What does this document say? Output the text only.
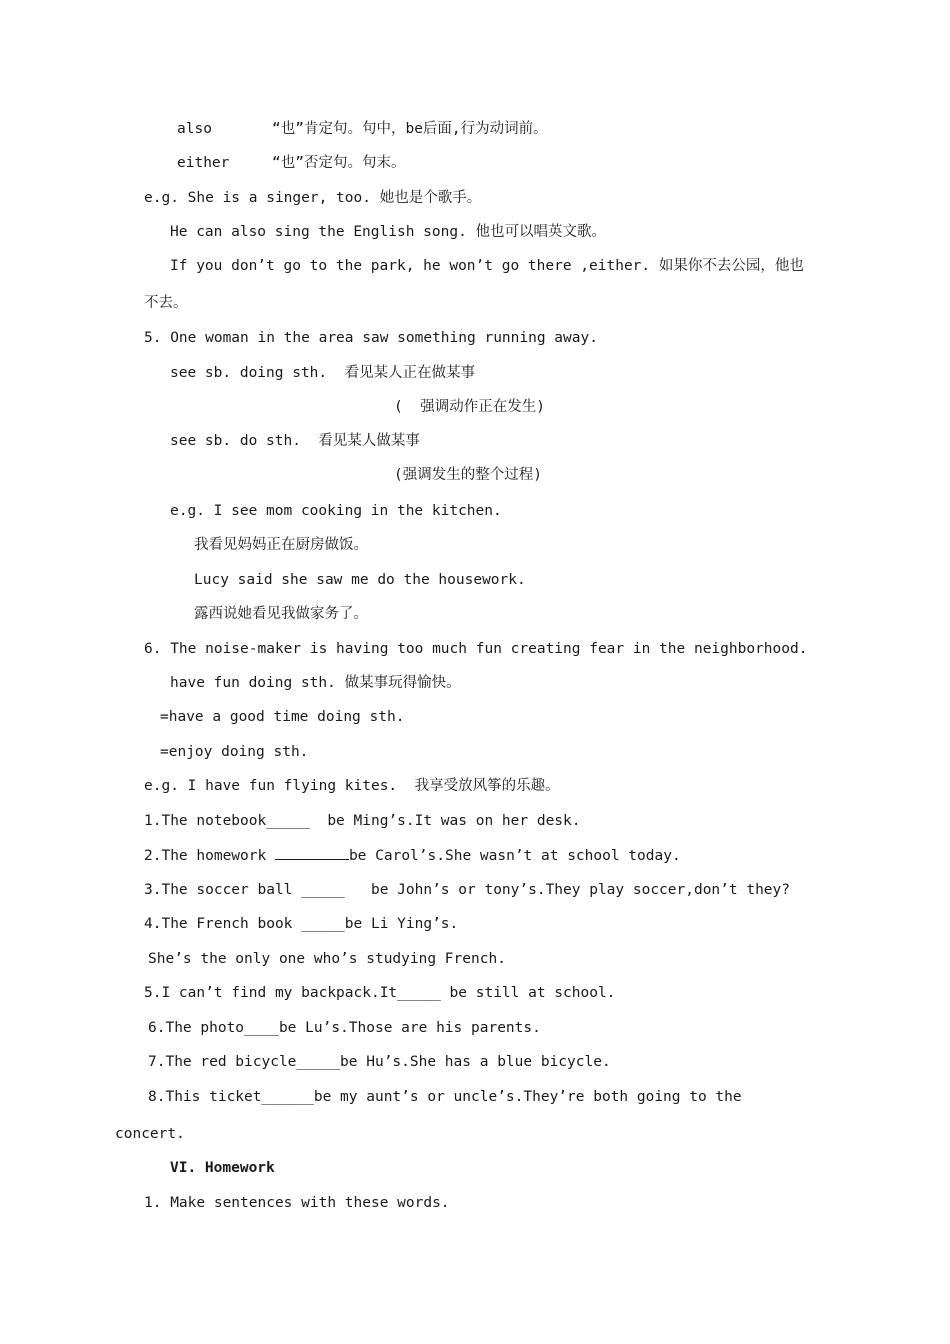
also	“也”肯定句。句中，be后面,行为动词前。

either	“也”否定句。句末。

e.g. She is a singer, too. 她也是个歌手。

He can also sing the English song. 他也可以唱英文歌。

If you don’t go to the park, he won’t go there ,either. 如果你不去公园，他也

不去。

5. One woman in the area saw something running away.

see sb. doing sth.  看见某人正在做某事

(  强调动作正在发生)

see sb. do sth.  看见某人做某事

(强调发生的整个过程)

e.g. I see mom cooking in the kitchen.

我看见妈妈正在厨房做饭。

Lucy said she saw me do the housework.

露西说她看见我做家务了。

6. The noise-maker is having too much fun creating fear in the neighborhood.

have fun doing sth. 做某事玩得愉快。

=have a good time doing sth.

=enjoy doing sth.

e.g. I have fun flying kites.  我享受放风筝的乐趣。

1.The notebook_____  be Ming’s.It was on her desk.

2.The homework	be Carol’s.She wasn’t at school today.

3.The soccer ball _____   be John’s or tony’s.They play soccer,don’t they?

4.The French book _____be Li Ying’s.

She’s the only one who’s studying French.

5.I can’t find my backpack.It_____ be still at school.

6.The photo____be Lu’s.Those are his parents.

7.The red bicycle_____be Hu’s.She has a blue bicycle.

8.This ticket______be my aunt’s or uncle’s.They’re both going to the

concert.

VI. Homework

1. Make sentences with these words.
